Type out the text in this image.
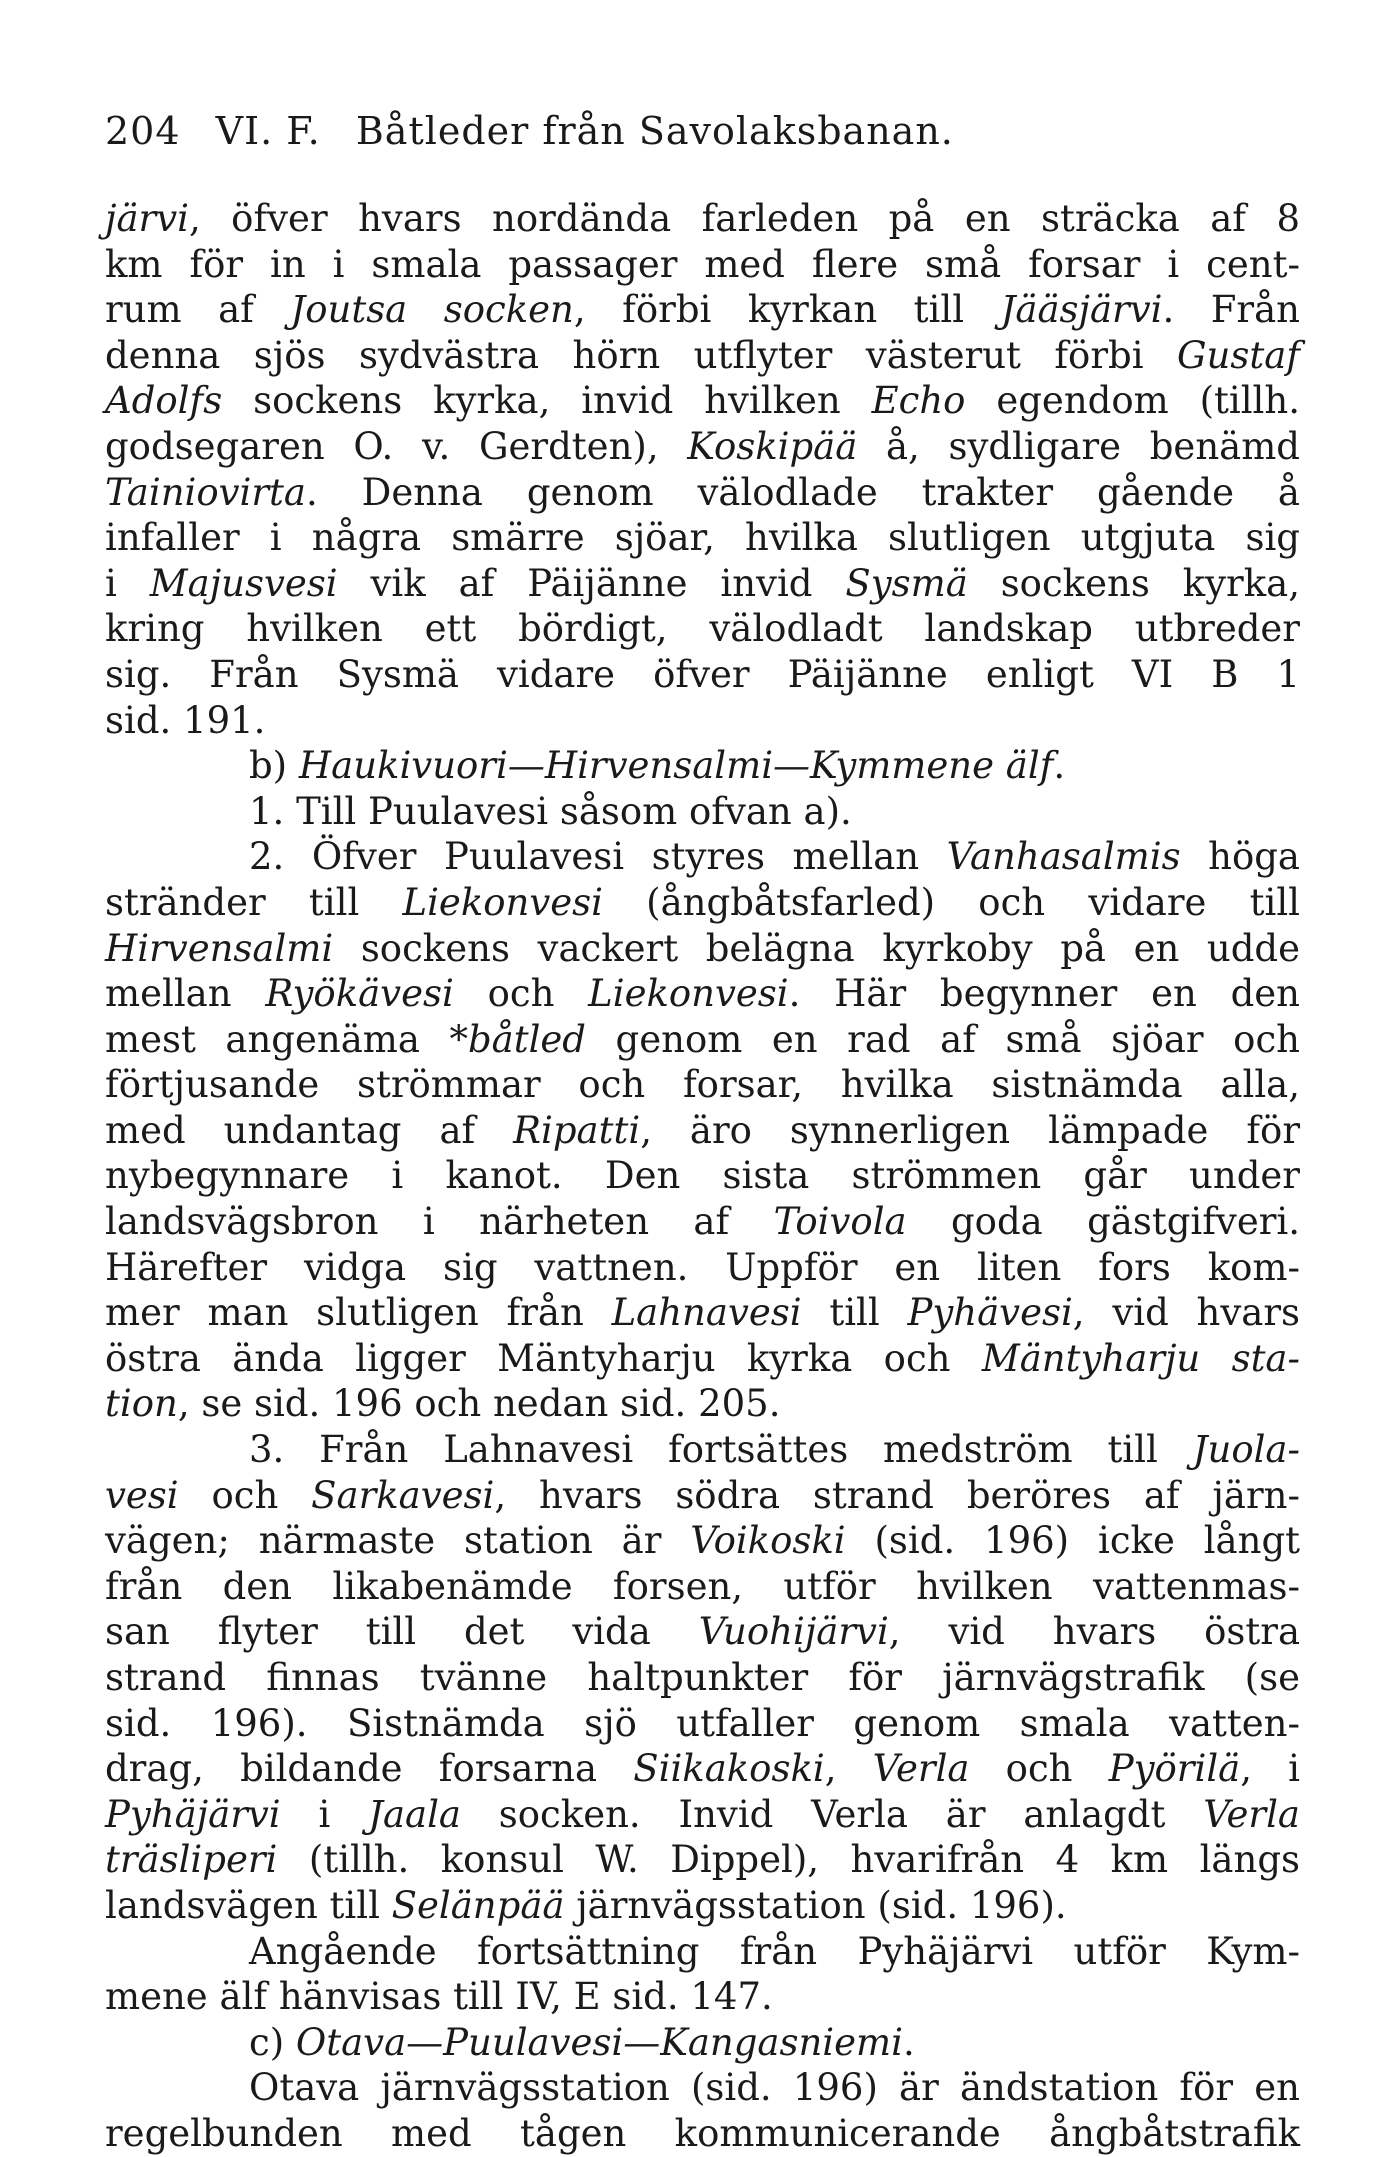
204 VI. F. Båtleder från Savolaksbanan.
järvi, öfver hvars nordända farleden på en sträcka af 8
km för in i smala passager med flere små forsar i cent-
rum af Joutsa socken, förbi kyrkan till Jääsjärvi. Från
denna sjös sydvästra hörn utflyter västerut förbi Gustaf
Adolfs sockens kyrka, invid hvilken Echo egendom (tillh.
godsegaren O. v. Gerdten), Koskipää å, sydligare benämd
Tainiovirta. Denna genom välodlade trakter gående å
infaller i några smärre sjöar, hvilka slutligen utgjuta sig
i Majusvesi vik af Päijänne invid Sysmä sockens kyrka,
kring hvilken ett bördigt, välodladt landskap utbreder
sig. Från Sysmä vidare öfver Päijänne enligt VI B 1
sid. 191.
b) Haukivuori—Hirvensalmi—Kymmene älf.
1. Till Puulavesi såsom ofvan a).
2. Öfver Puulavesi styres mellan Vanhasalmis höga
stränder till Liekonvesi (ångbåtsfarled) och vidare till
Hirvensalmi sockens vackert belägna kyrkoby på en udde
mellan Ryökävesi och Liekonvesi. Här begynner en den
mest angenäma *båtled genom en rad af små sjöar och
förtjusande strömmar och forsar, hvilka sistnämda alla,
med undantag af Ripatti, äro synnerligen lämpade för
nybegynnare i kanot. Den sista strömmen går under
landsvägsbron i närheten af Toivola goda gästgifveri.
Härefter vidga sig vattnen. Uppför en liten fors kom-
mer man slutligen från Lahnavesi till Pyhävesi, vid hvars
östra ända ligger Mäntyharju kyrka och Mäntyharju sta-
tion, se sid. 196 och nedan sid. 205.
3. Från Lahnavesi fortsättes medström till Juola-
vesi och Sarkavesi, hvars södra strand beröres af järn-
vägen; närmaste station är Voikoski (sid. 196) icke långt
från den likabenämde forsen, utför hvilken vattenmas-
san flyter till det vida Vuohijärvi, vid hvars östra
strand finnas tvänne haltpunkter för järnvägstrafik (se
sid. 196). Sistnämda sjö utfaller genom smala vatten-
drag, bildande forsarna Siikakoski, Verla och Pyörilä, i
Pyhäjärvi i Jaala socken. Invid Verla är anlagdt Verla
träsliperi (tillh. konsul W. Dippel), hvarifrån 4 km längs
landsvägen till Selänpää järnvägsstation (sid. 196).
Angående fortsättning från Pyhäjärvi utför Kym-
mene älf hänvisas till IV, E sid. 147.
c) Otava—Puulavesi—Kangasniemi.
Otava järnvägsstation (sid. 196) är ändstation för en
regelbunden med tågen kommunicerande ångbåtstrafik
